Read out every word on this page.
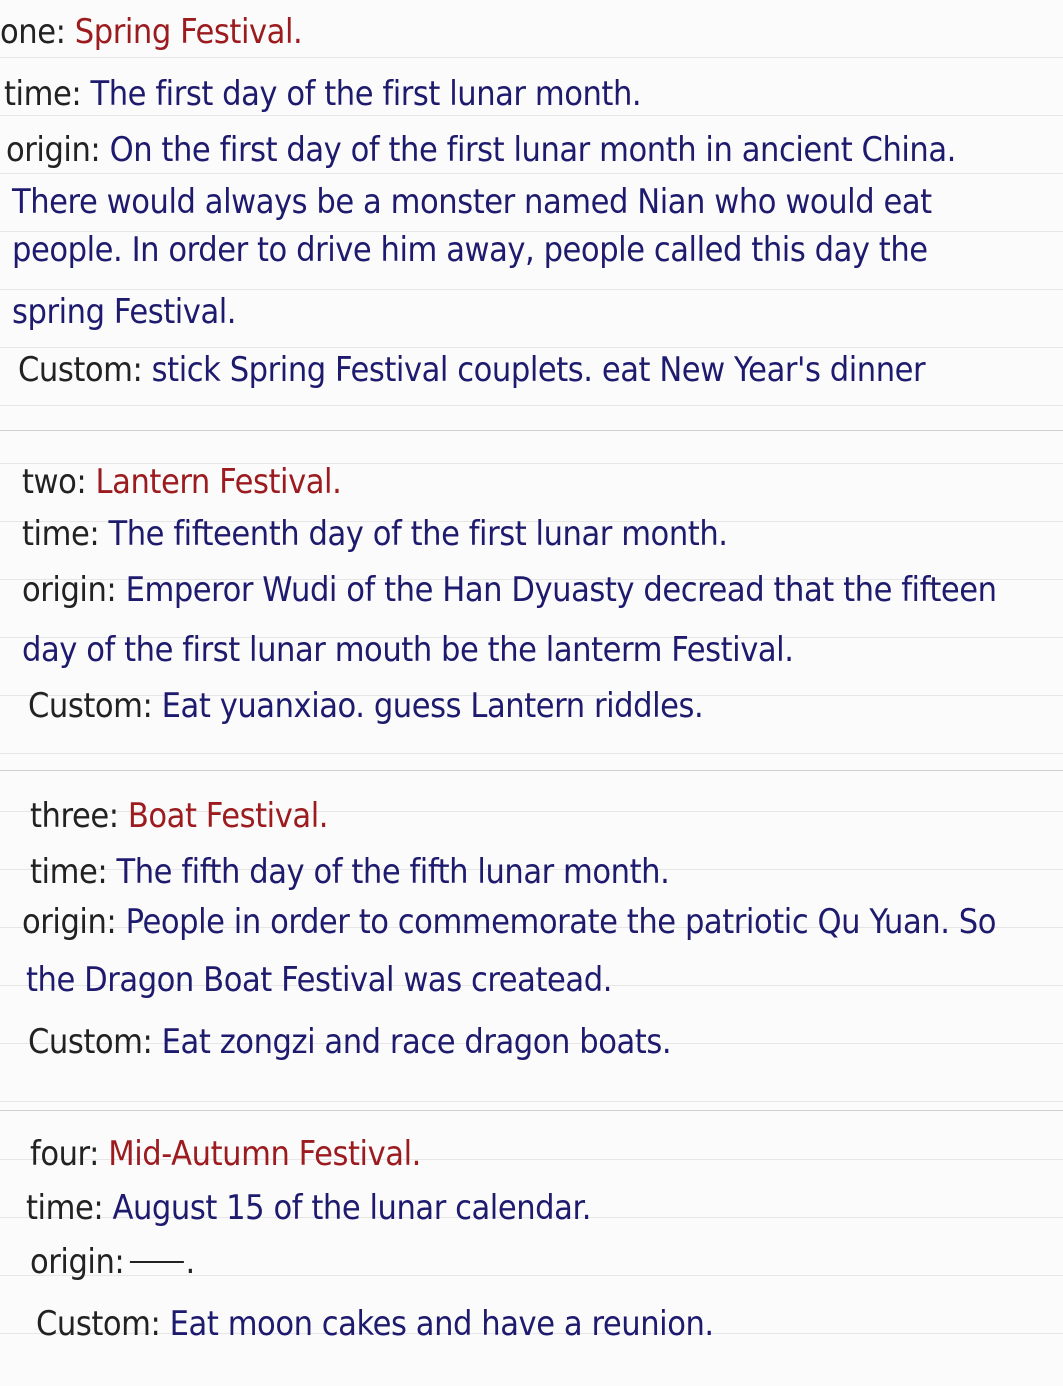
one: Spring Festival.
time: The first day of the first lunar month.
origin: On the first day of the first lunar month in ancient China.
There would always be a monster named Nian who would eat
people. In order to drive him away, people called this day the
spring Festival.
Custom: stick Spring Festival couplets. eat New Year's dinner
two: Lantern Festival.
time: The fifteenth day of the first lunar month.
origin: Emperor Wudi of the Han Dyuasty decread that the fifteen
day of the first lunar mouth be the lanterm Festival.
Custom: Eat yuanxiao. guess Lantern riddles.
three: Boat Festival.
time: The fifth day of the fifth lunar month.
origin: People in order to commemorate the patriotic Qu Yuan. So
the Dragon Boat Festival was createad.
Custom: Eat zongzi and race dragon boats.
four: Mid-Autumn Festival.
time: August 15 of the lunar calendar.
origin: .
Custom: Eat moon cakes and have a reunion.
